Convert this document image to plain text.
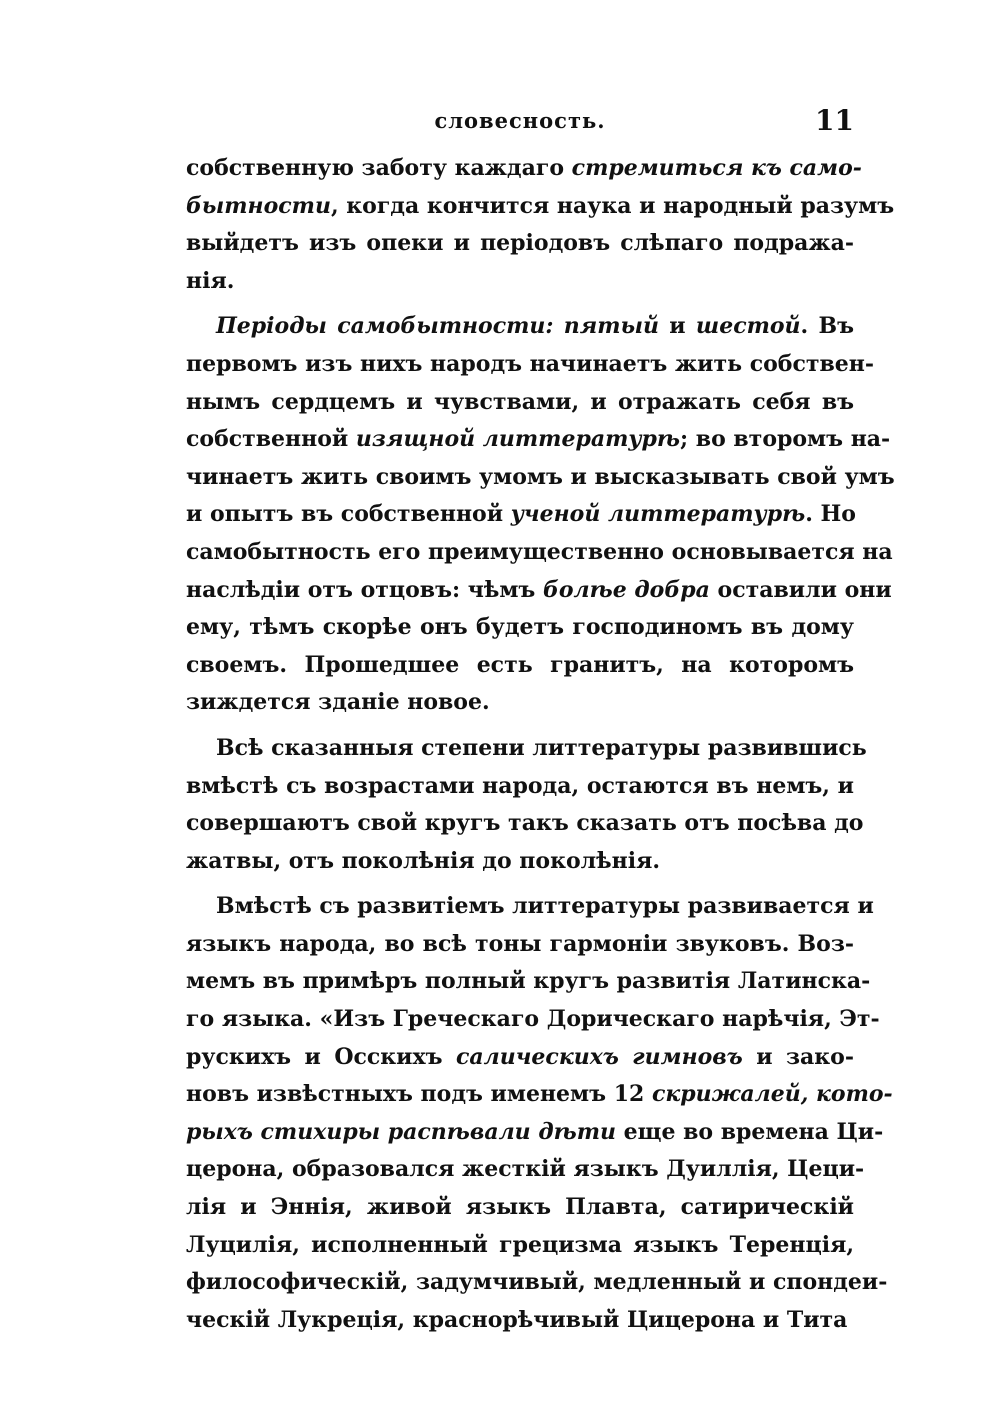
словесность.	11
собственную заботу каждаго стремиться къ само-
бытности, когда кончится наука и народный разумъ
выйдетъ изъ опеки и періодовъ слѣпаго подража-
нія.
Періоды самобытности: пятый и шестой. Въ
первомъ изъ нихъ народъ начинаетъ жить собствен-
нымъ сердцемъ и чувствами, и отражать себя въ
собственной изящной литтературѣ; во второмъ на-
чинаетъ жить своимъ умомъ и высказывать свой умъ
и опытъ въ собственной ученой литтературѣ. Но
самобытность его преимущественно основывается на
наслѣдіи отъ отцовъ: чѣмъ болѣе добра оставили они
ему, тѣмъ скорѣе онъ будетъ господиномъ въ дому
своемъ. Прошедшее есть гранитъ, на которомъ
зиждется зданіе новое.
Всѣ сказанныя степени литтературы развившись
вмѣстѣ съ возрастами народа, остаются въ немъ, и
совершаютъ свой кругъ такъ сказать отъ посѣва до
жатвы, отъ поколѣнія до поколѣнія.
Вмѣстѣ съ развитіемъ литтературы развивается и
языкъ народа, во всѣ тоны гармоніи звуковъ. Воз-
мемъ въ примѣръ полный кругъ развитія Латинска-
го языка. «Изъ Греческаго Дорическаго нарѣчія, Эт-
рускихъ и Осскихъ салическихъ гимновъ и зако-
новъ извѣстныхъ подъ именемъ 12 скрижалей, кото-
рыхъ стихиры распѣвали дѣти еще во времена Ци-
церона, образовался жесткій языкъ Дуиллія, Цеци-
лія и Эннія, живой языкъ Плавта, сатирическій
Луцилія, исполненный грецизма языкъ Теренція,
философическій, задумчивый, медленный и спондеи-
ческій Лукреція, краснорѣчивый Цицерона и Тита
